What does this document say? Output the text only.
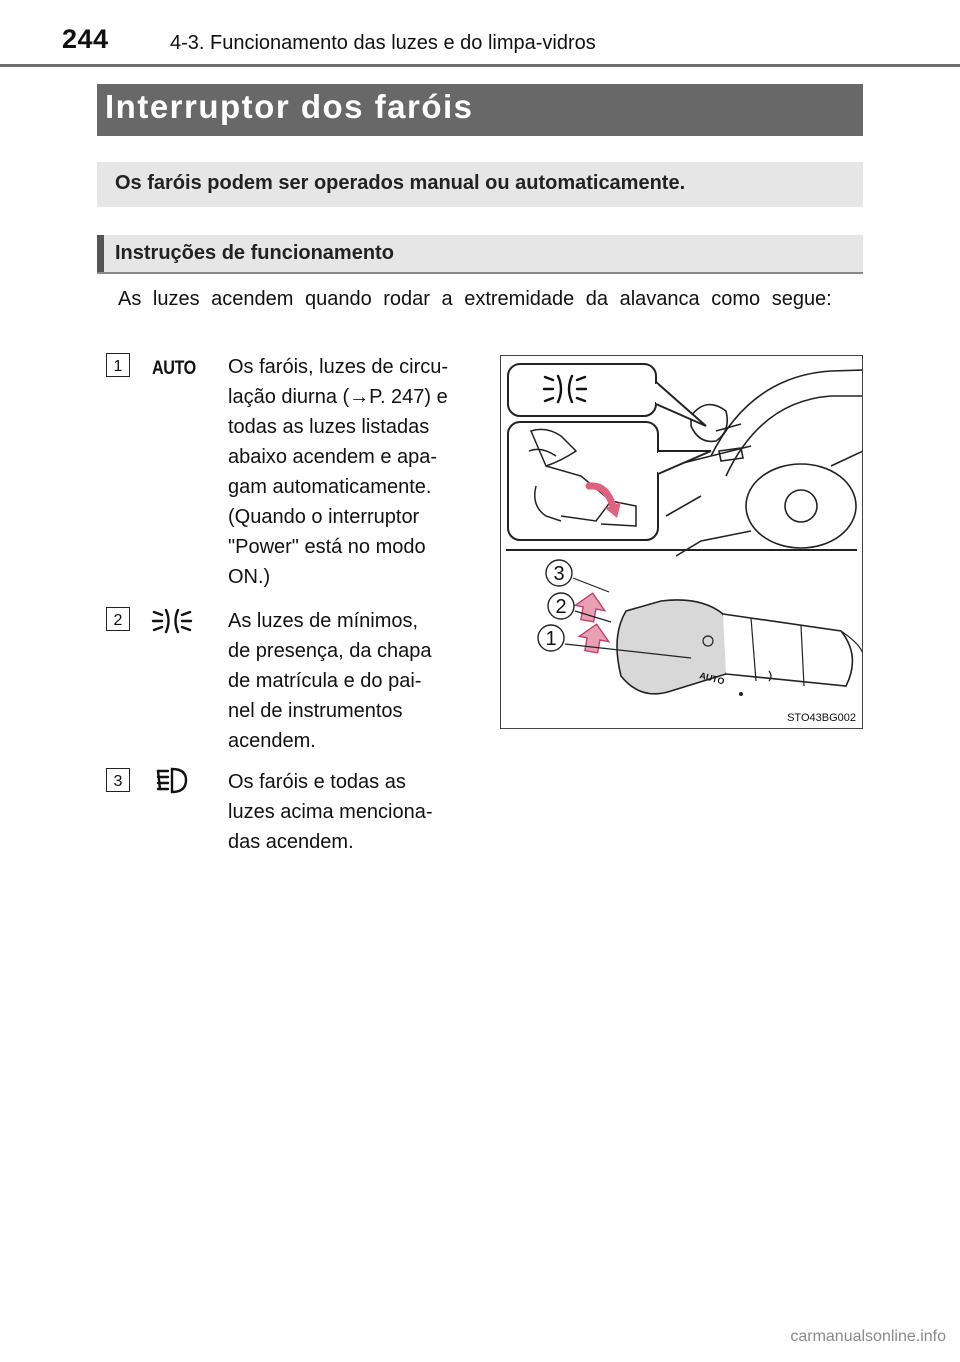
244	4-3. Funcionamento das luzes e do limpa-vidros
Interruptor dos faróis
Os faróis podem ser operados manual ou automaticamente.
Instruções de funcionamento
As luzes acendem quando rodar a extremidade da alavanca como segue:
1 AUTO Os faróis, luzes de circu-
lação diurna (→P. 247) e
todas as luzes listadas
abaixo acendem e apa-
gam automaticamente.
(Quando o interruptor
"Power" está no modo
ON.)
2	As luzes de mínimos,
de presença, da chapa
de matrícula e do pai-
nel de instrumentos
acendem.
3	Os faróis e todas as
luzes acima menciona-
das acendem.
AUTO
3
2
1
STO43BG002
carmanualsonline.info
